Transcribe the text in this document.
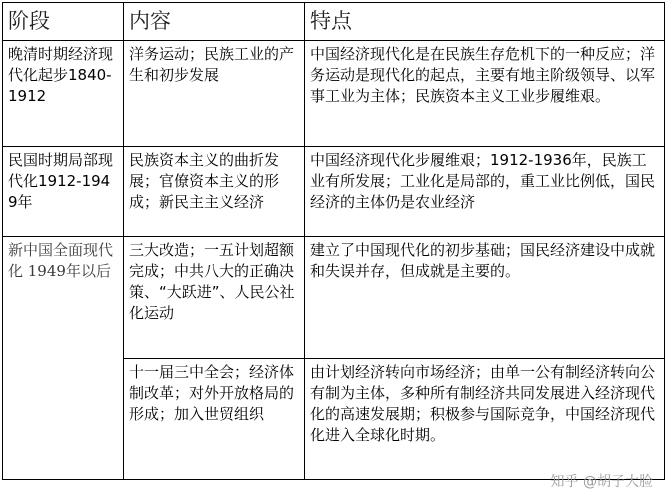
阶段	内容	特点
晚清时期经济现代化起步1840-1912	洋务运动；民族工业的产生和初步发展	中国经济现代化是在民族生存危机下的一种反应；洋务运动是现代化的起点，主要有地主阶级领导、以军事工业为主体；民族资本主义工业步履维艰。
民国时期局部现代化1912-1949年	民族资本主义的曲折发展；官僚资本主义的形成；新民主主义经济	中国经济现代化步履维艰；1912-1936年，民族工业有所发展；工业化是局部的，重工业比例低，国民经济的主体仍是农业经济
新中国全面现代化 1949年以后	三大改造；一五计划超额完成；中共八大的正确决策、“大跃进”、人民公社化运动	建立了中国现代化的初步基础；国民经济建设中成就和失误并存，但成就是主要的。
	十一届三中全会；经济体制改革；对外开放格局的形成；加入世贸组织	由计划经济转向市场经济；由单一公有制经济转向公有制为主体，多种所有制经济共同发展进入经济现代化的高速发展期；积极参与国际竞争，中国经济现代化进入全球化时期。
知乎 @胡子大脸
